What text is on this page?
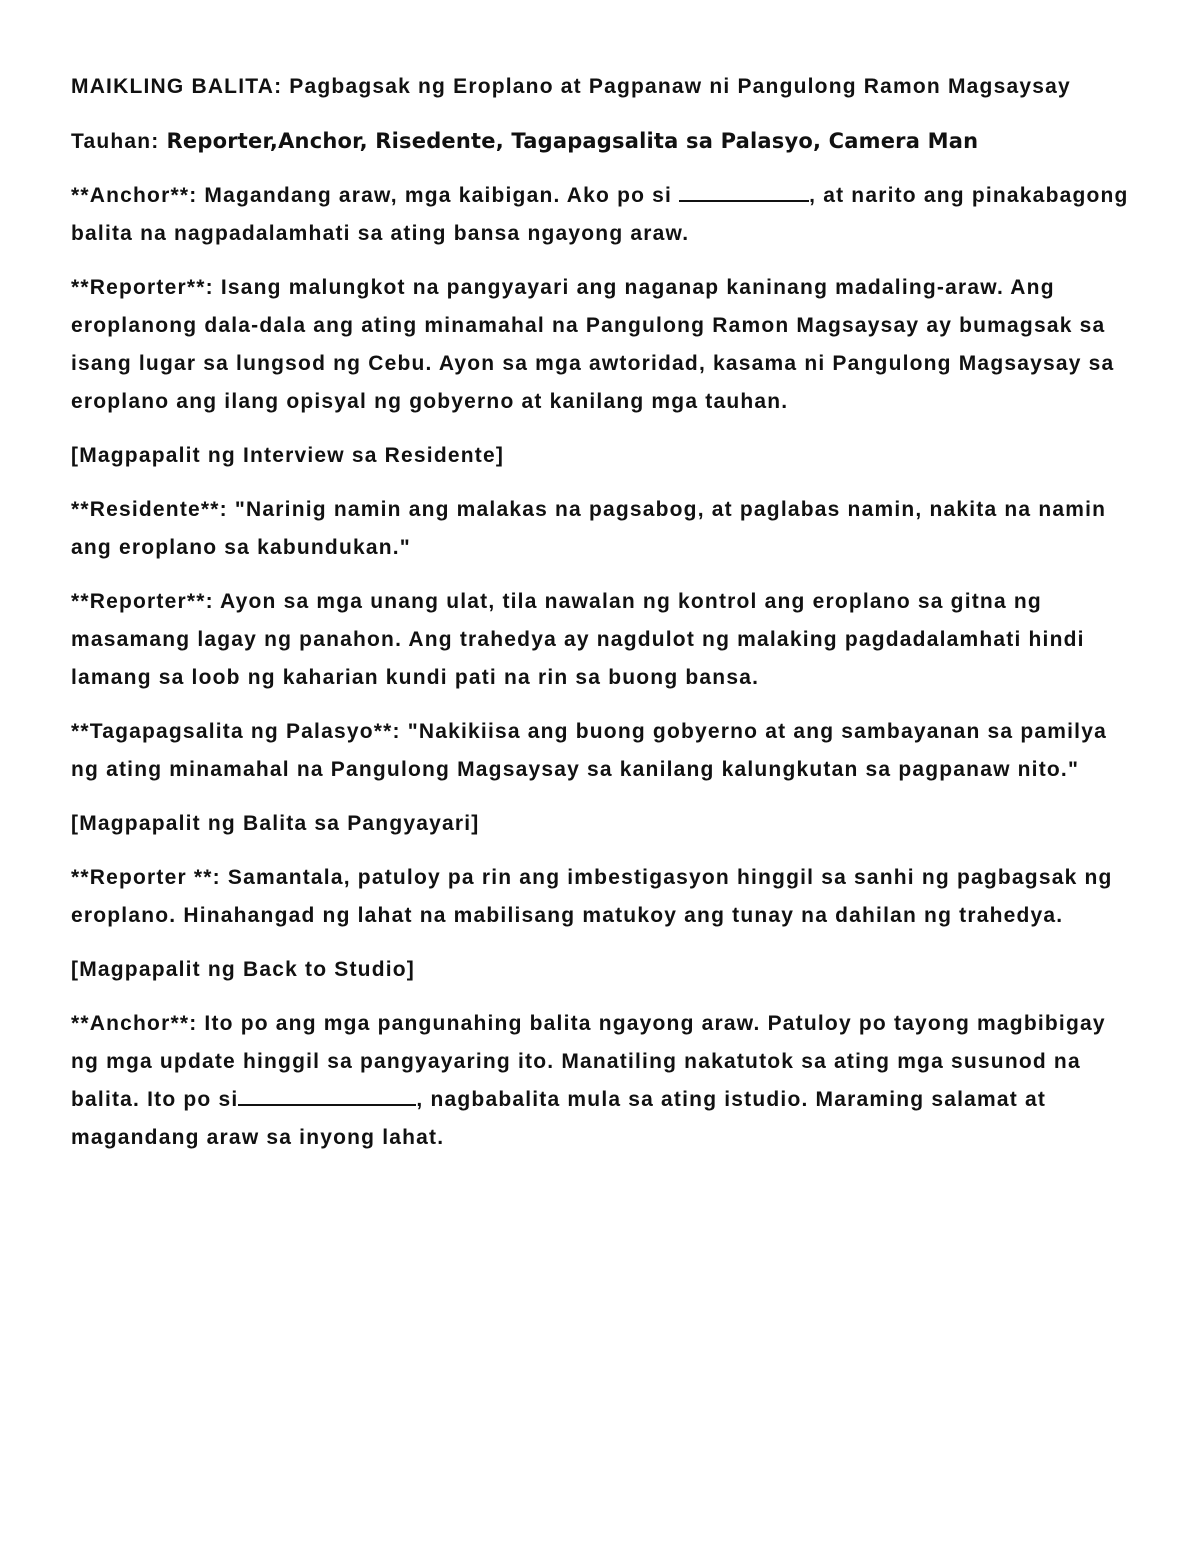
MAIKLING BALITA: Pagbagsak ng Eroplano at Pagpanaw ni Pangulong Ramon Magsaysay

Tauhan: Reporter,Anchor, Risedente, Tagapagsalita sa Palasyo, Camera Man

**Anchor**: Magandang araw, mga kaibigan. Ako po si	, at narito ang pinakabagong balita na nagpadalamhati sa ating bansa ngayong araw.

**Reporter**: Isang malungkot na pangyayari ang naganap kaninang madaling-araw. Ang eroplanong dala-dala ang ating minamahal na Pangulong Ramon Magsaysay ay bumagsak sa isang lugar sa lungsod ng Cebu. Ayon sa mga awtoridad, kasama ni Pangulong Magsaysay sa eroplano ang ilang opisyal ng gobyerno at kanilang mga tauhan.

[Magpapalit ng Interview sa Residente]

**Residente**: "Narinig namin ang malakas na pagsabog, at paglabas namin, nakita na namin ang eroplano sa kabundukan."

**Reporter**: Ayon sa mga unang ulat, tila nawalan ng kontrol ang eroplano sa gitna ng masamang lagay ng panahon. Ang trahedya ay nagdulot ng malaking pagdadalamhati hindi lamang sa loob ng kaharian kundi pati na rin sa buong bansa.

**Tagapagsalita ng Palasyo**: "Nakikiisa ang buong gobyerno at ang sambayanan sa pamilya ng ating minamahal na Pangulong Magsaysay sa kanilang kalungkutan sa pagpanaw nito."

[Magpapalit ng Balita sa Pangyayari]

**Reporter **: Samantala, patuloy pa rin ang imbestigasyon hinggil sa sanhi ng pagbagsak ng eroplano. Hinahangad ng lahat na mabilisang matukoy ang tunay na dahilan ng trahedya.

[Magpapalit ng Back to Studio]

**Anchor**: Ito po ang mga pangunahing balita ngayong araw. Patuloy po tayong magbibigay ng mga update hinggil sa pangyayaring ito. Manatiling nakatutok sa ating mga susunod na balita. Ito po si	, nagbabalita mula sa ating istudio. Maraming salamat at magandang araw sa inyong lahat.
